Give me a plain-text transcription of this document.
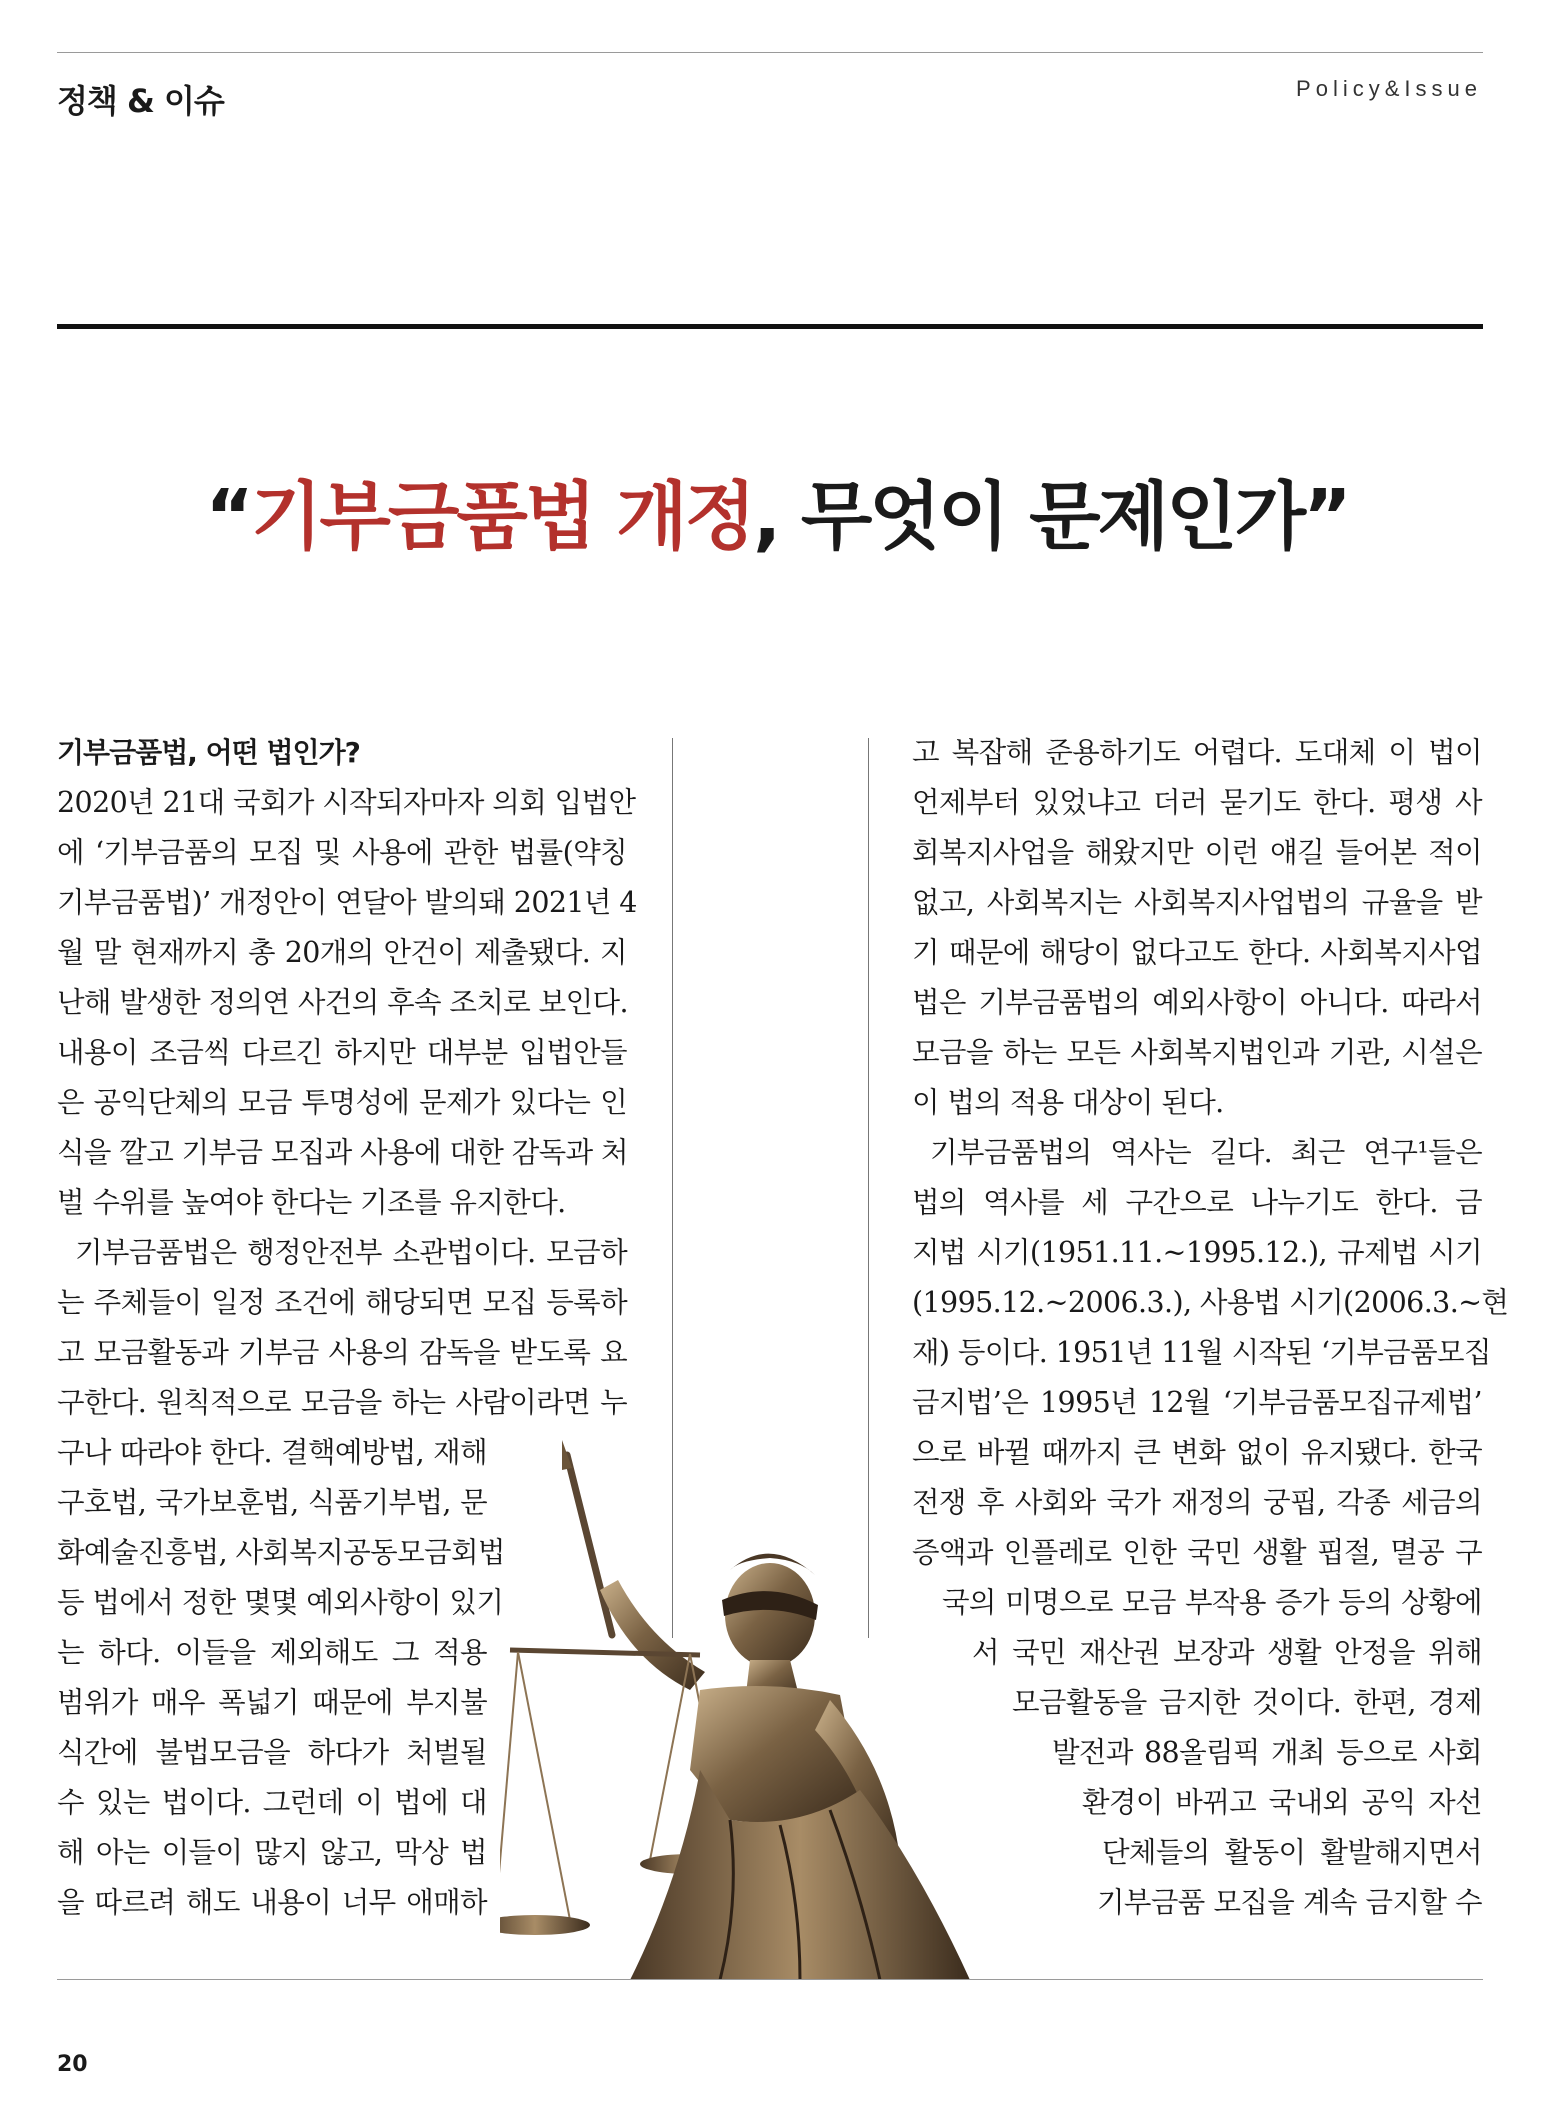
정책 & 이슈	Policy&Issue
“기부금품법 개정, 무엇이 문제인가”

기부금품법, 어떤 법인가?

2020년 21대 국회가 시작되자마자 의회 입법안

에 ‘기부금품의 모집 및 사용에 관한 법률(약칭

기부금품법)’ 개정안이 연달아 발의돼 2021년 4

월 말 현재까지 총 20개의 안건이 제출됐다. 지

난해 발생한 정의연 사건의 후속 조치로 보인다.

내용이 조금씩 다르긴 하지만 대부분 입법안들

은 공익단체의 모금 투명성에 문제가 있다는 인

식을 깔고 기부금 모집과 사용에 대한 감독과 처

벌 수위를 높여야 한다는 기조를 유지한다.

기부금품법은 행정안전부 소관법이다. 모금하

는 주체들이 일정 조건에 해당되면 모집 등록하

고 모금활동과 기부금 사용의 감독을 받도록 요

구한다. 원칙적으로 모금을 하는 사람이라면 누

구나 따라야 한다. 결핵예방법, 재해

구호법, 국가보훈법, 식품기부법, 문

화예술진흥법, 사회복지공동모금회법

등 법에서 정한 몇몇 예외사항이 있기

는 하다. 이들을 제외해도 그 적용

범위가 매우 폭넓기 때문에 부지불

식간에 불법모금을 하다가 처벌될

수 있는 법이다. 그런데 이 법에 대

해 아는 이들이 많지 않고, 막상 법

을 따르려 해도 내용이 너무 애매하

고 복잡해 준용하기도 어렵다. 도대체 이 법이

언제부터 있었냐고 더러 묻기도 한다. 평생 사

회복지사업을 해왔지만 이런 얘길 들어본 적이

없고, 사회복지는 사회복지사업법의 규율을 받

기 때문에 해당이 없다고도 한다. 사회복지사업

법은 기부금품법의 예외사항이 아니다. 따라서

모금을 하는 모든 사회복지법인과 기관, 시설은

이 법의 적용 대상이 된다.

기부금품법의 역사는 길다. 최근 연구¹들은

법의 역사를 세 구간으로 나누기도 한다. 금

지법 시기(1951.11.~1995.12.), 규제법 시기

(1995.12.~2006.3.), 사용법 시기(2006.3.~현

재) 등이다. 1951년 11월 시작된 ‘기부금품모집

금지법’은 1995년 12월 ‘기부금품모집규제법’

으로 바뀔 때까지 큰 변화 없이 유지됐다. 한국

전쟁 후 사회와 국가 재정의 궁핍, 각종 세금의

증액과 인플레로 인한 국민 생활 핍절, 멸공 구

국의 미명으로 모금 부작용 증가 등의 상황에

서 국민 재산권 보장과 생활 안정을 위해

모금활동을 금지한 것이다. 한편, 경제

발전과 88올림픽 개최 등으로 사회

환경이 바뀌고 국내외 공익 자선

단체들의 활동이 활발해지면서

기부금품 모집을 계속 금지할 수

20
